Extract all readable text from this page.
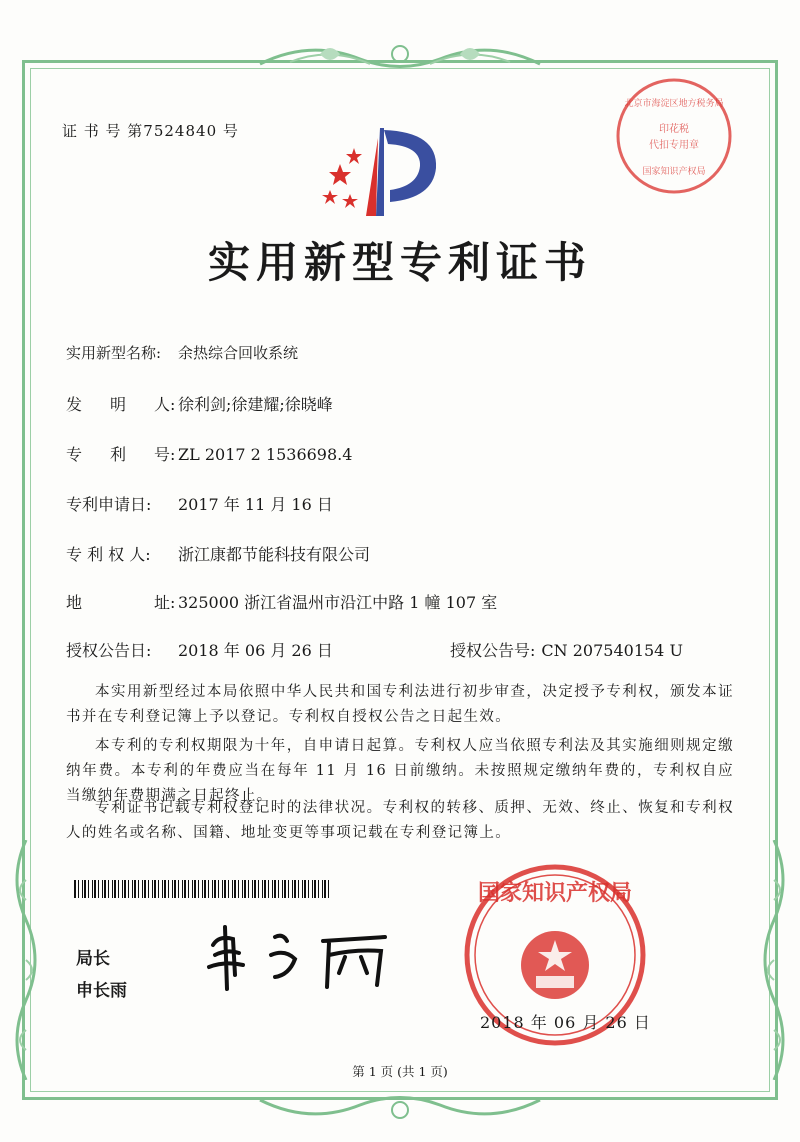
证 书 号 第7524840 号
北京市海淀区地方税务局
印花税
代扣专用章
国家知识产权局
实用新型专利证书
实用新型名称: 余热综合回收系统
发 明 人 : 徐利剑;徐建耀;徐晓峰
专 利 号 : ZL 2017 2 1536698.4
专利申请日: 2017 年 11 月 16 日
专 利 权 人: 浙江康都节能科技有限公司
地	址 : 325000 浙江省温州市沿江中路 1 幢 107 室
授权公告日: 2018 年 06 月 26 日	授权公告号: CN 207540154 U
本实用新型经过本局依照中华人民共和国专利法进行初步审查，决定授予专利权，颁发本证书并在专利登记簿上予以登记。专利权自授权公告之日起生效。
本专利的专利权期限为十年，自申请日起算。专利权人应当依照专利法及其实施细则规定缴纳年费。本专利的年费应当在每年 11 月 16 日前缴纳。未按照规定缴纳年费的，专利权自应当缴纳年费期满之日起终止。
专利证书记载专利权登记时的法律状况。专利权的转移、质押、无效、终止、恢复和专利权人的姓名或名称、国籍、地址变更等事项记载在专利登记簿上。
局长
申长雨
国家知识产权局
2018 年 06 月 26 日
第 1 页 (共 1 页)
